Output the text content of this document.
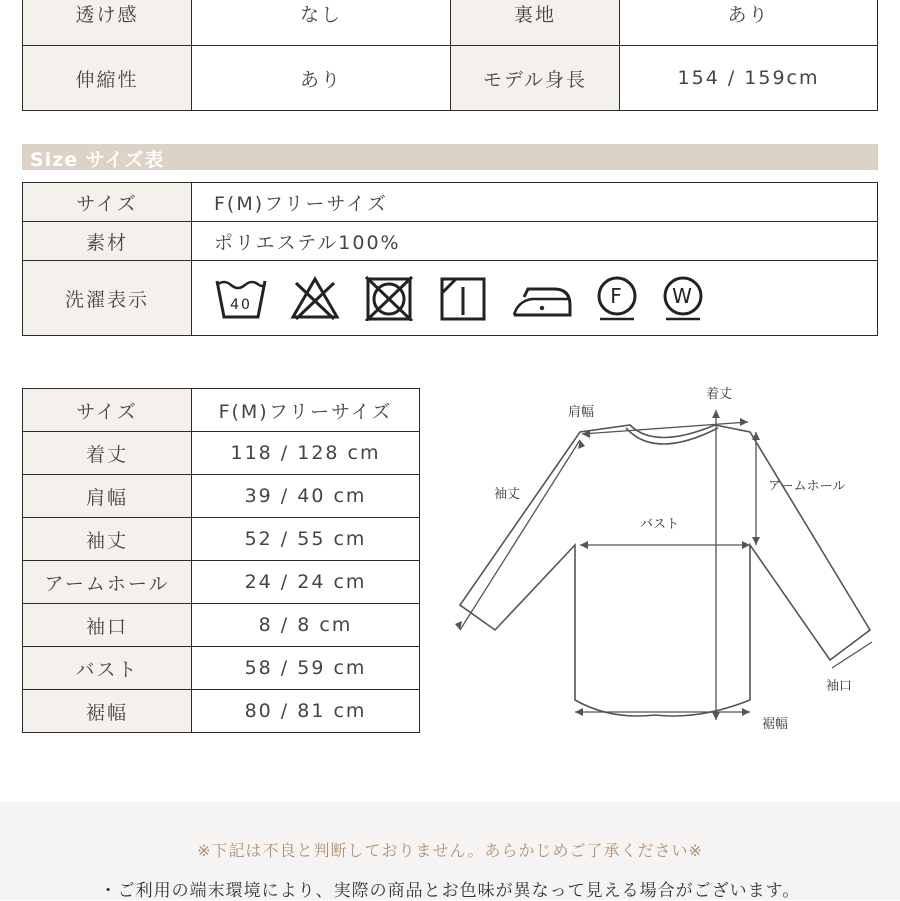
透け感	なし	裏地	あり
伸縮性	あり	モデル身長	154 / 159cm
Size サイズ表
サイズ	F(M)フリーサイズ
素材	ポリエステル100%
洗濯表示	40
F
W
サイズ	F(M)フリーサイズ
着丈	118 / 128 cm
肩幅	39 / 40 cm
袖丈	52 / 55 cm
アームホール	24 / 24 cm
袖口	8 / 8 cm
バスト	58 / 59 cm
裾幅	80 / 81 cm
着丈
肩幅
袖丈
アームホール
バスト
袖口
裾幅
※下記は不良と判断しておりません。あらかじめご了承ください※
・ご利用の端末環境により、実際の商品とお色味が異なって見える場合がございます。
